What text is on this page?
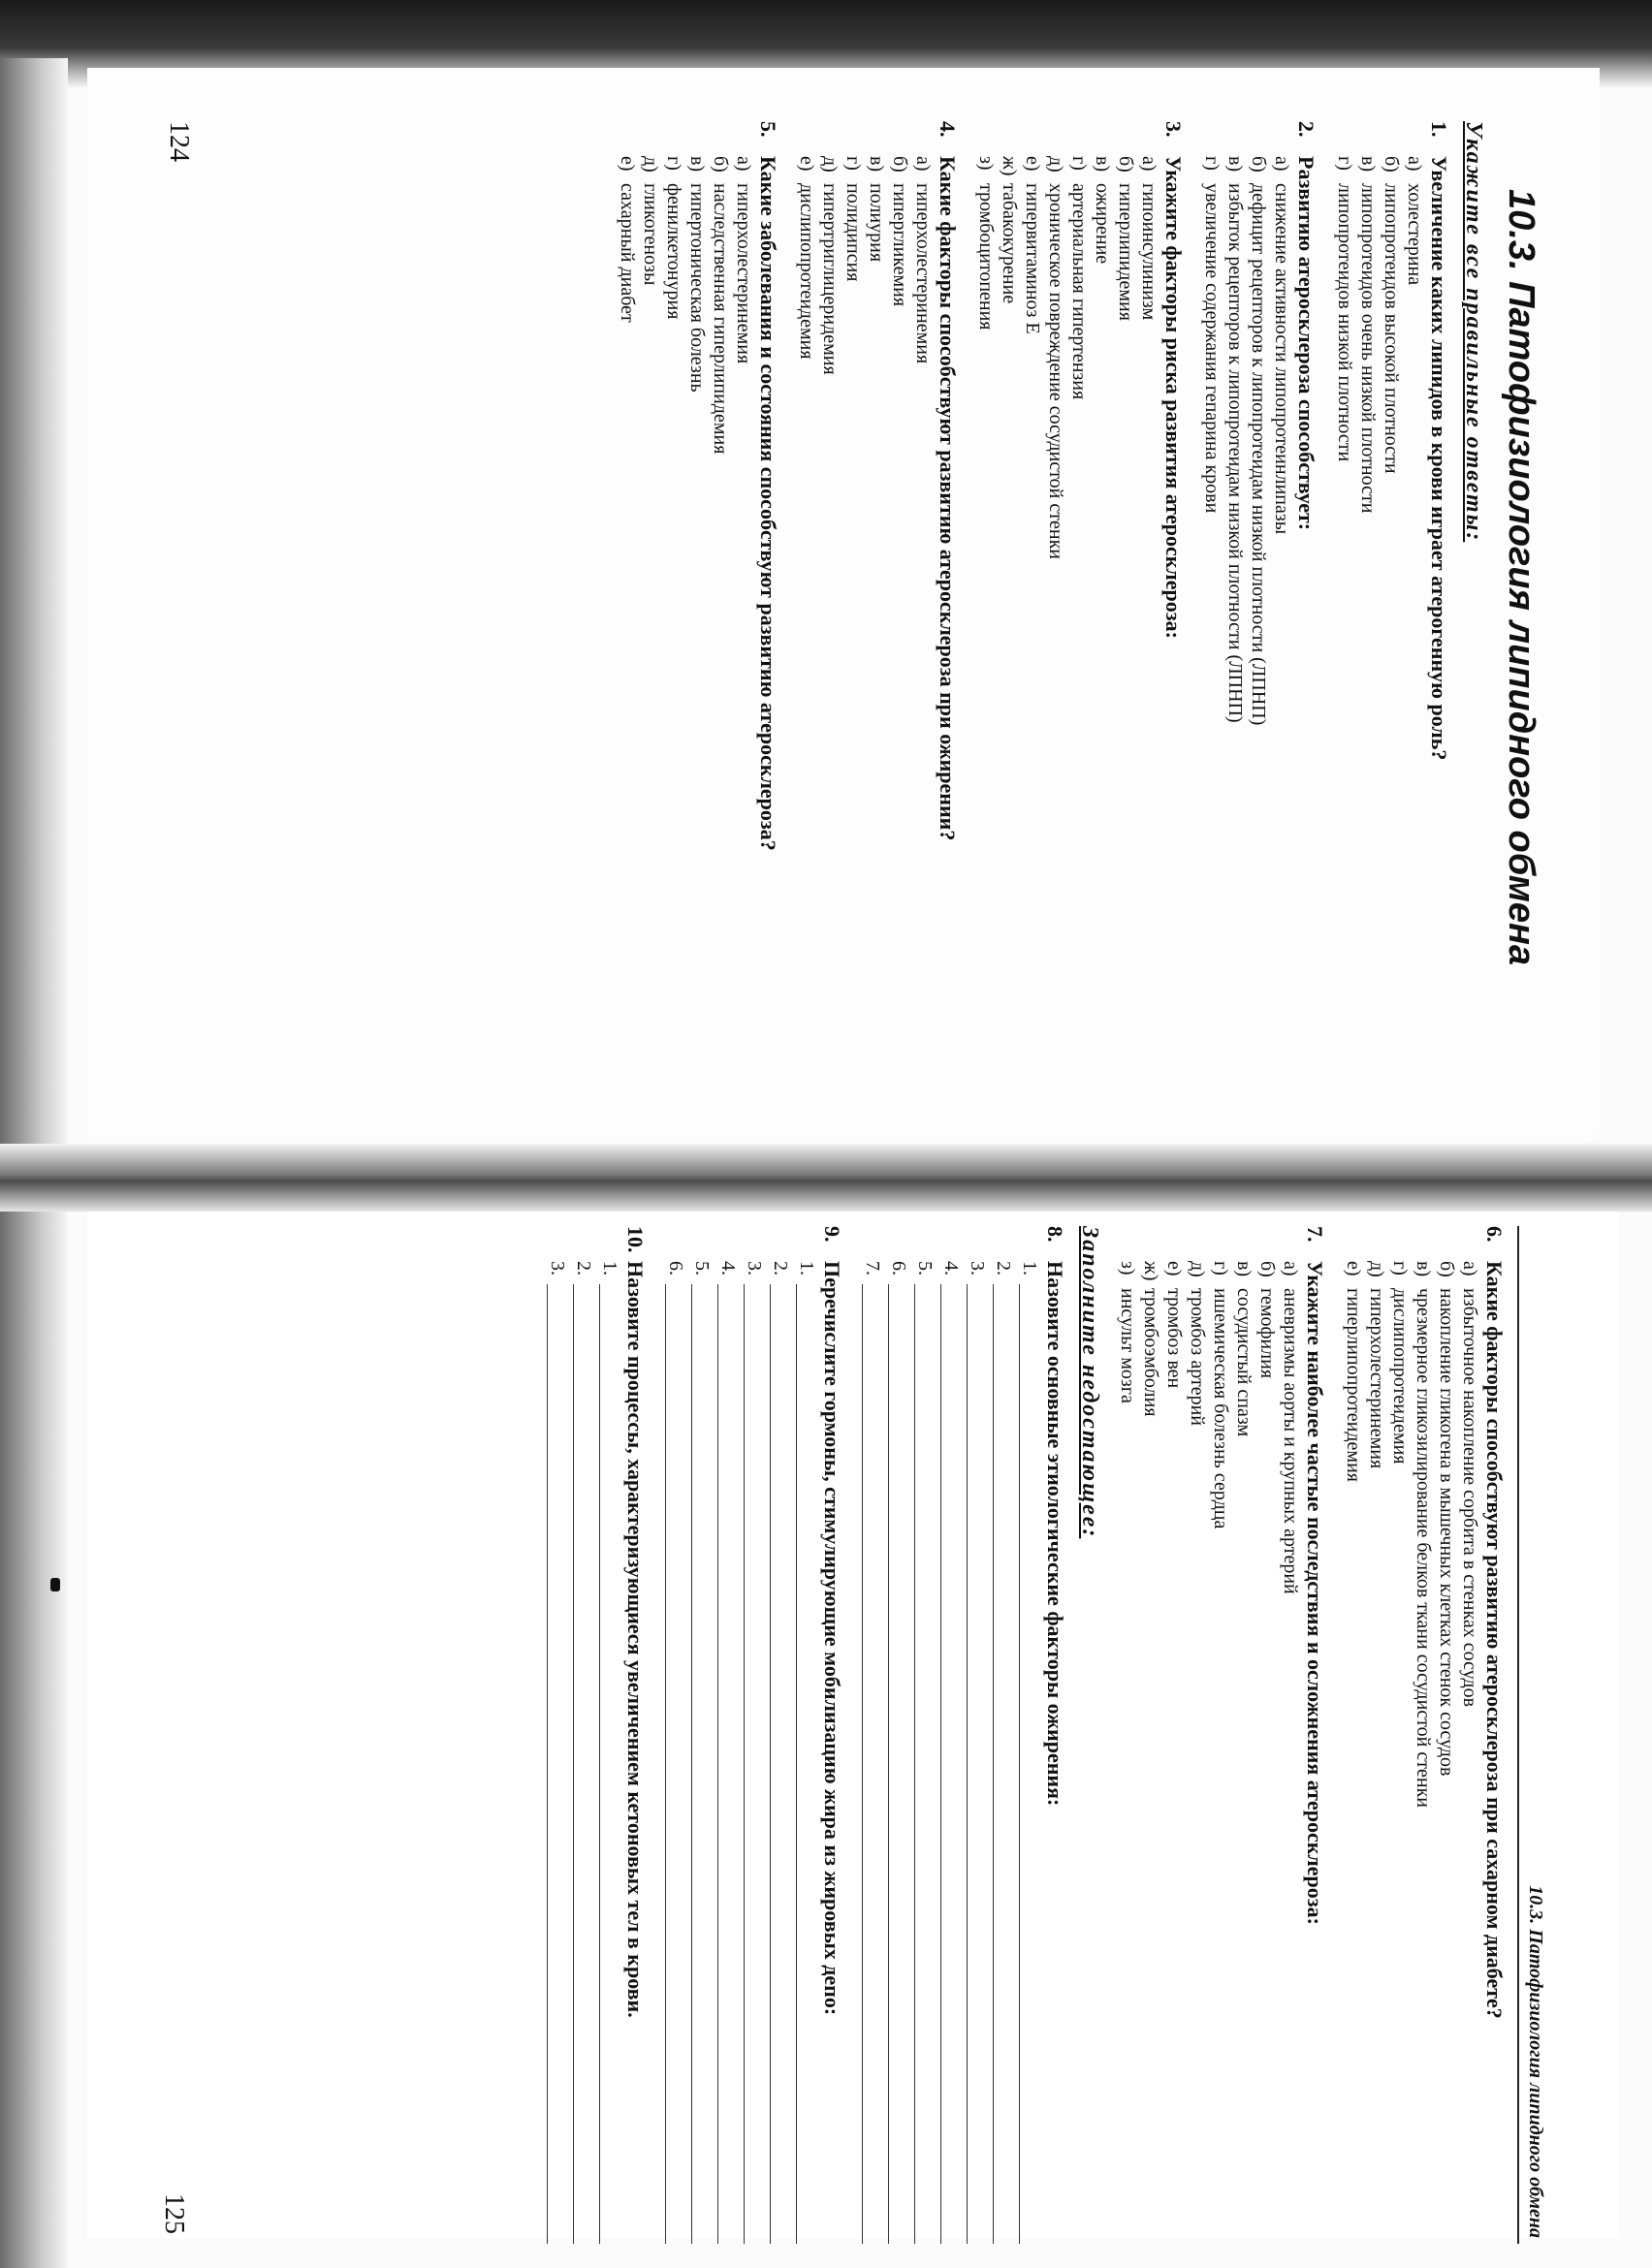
124
10.3. Патофизиология липидного обмена
Укажите все правильные ответы:
1.
Увеличение каких липидов в крови играет атерогенную роль?
а)
холестерина
б)
липопротеидов высокой плотности
в)
липопротеидов очень низкой плотности
г)
липопротеидов низкой плотности
2.
Развитию атеросклероза способствует:
а)
снижение активности липопротеинлипазы
б)
дефицит рецепторов к липопротеидам низкой плотности (ЛПНП)
в)
избыток рецепторов к липопротеидам низкой плотности (ЛПНП)
г)
увеличение содержания гепарина крови
3.
Укажите факторы риска развития атеросклероза:
а)
гипоинсулинизм
б)
гиперлипидемия
в)
ожирение
г)
артериальная гипертензия
д)
хроническое повреждение сосудистой стенки
е)
гипервитаминоз Е
ж)
табакокурение
з)
тромбоцитопения
4.
Какие факторы способствуют развитию атеросклероза при ожирении?
а)
гиперхолестеринемия
б)
гипергликемия
в)
полиурия
г)
полидипсия
д)
гипертриглицеридемия
е)
дислипопротеидемия
5.
Какие заболевания и состояния способствуют развитию атеросклероза?
а)
гиперхолестеринемия
б)
наследственная гиперлипидемия
в)
гипертоническая болезнь
г)
фенилкетонурия
д)
гликогенозы
е)
сахарный диабет
10.3. Патофизиология липидного обмена
125
6.
Какие факторы способствуют развитию атеросклероза при сахарном диабете?
а)
избыточное накопление сорбита в стенках сосудов
б)
накопление гликогена в мышечных клетках стенок сосудов
в)
чрезмерное гликозилирование белков ткани сосудистой стенки
г)
дислипопротеидемия
д)
гиперхолестеринемия
е)
гиперлипопротеидемия
7.
Укажите наиболее частые последствия и осложнения атеросклероза:
а)
аневризмы аорты и крупных артерий
б)
гемофилия
в)
сосудистый спазм
г)
ишемическая болезнь сердца
д)
тромбоз артерий
е)
тромбоз вен
ж)
тромбоэмболия
з)
инсульт мозга
Заполните недостающее:
8.
Назовите основные этиологические факторы ожирения:
1.
2.
3.
4.
5.
6.
7.
9.
Перечислите гормоны, стимулирующие мобилизацию жира из жировых депо:
1.
2.
3.
4.
5.
6.
10.
Назовите процессы, характеризующиеся увеличением кетоновых тел в крови.
1.
2.
3.
